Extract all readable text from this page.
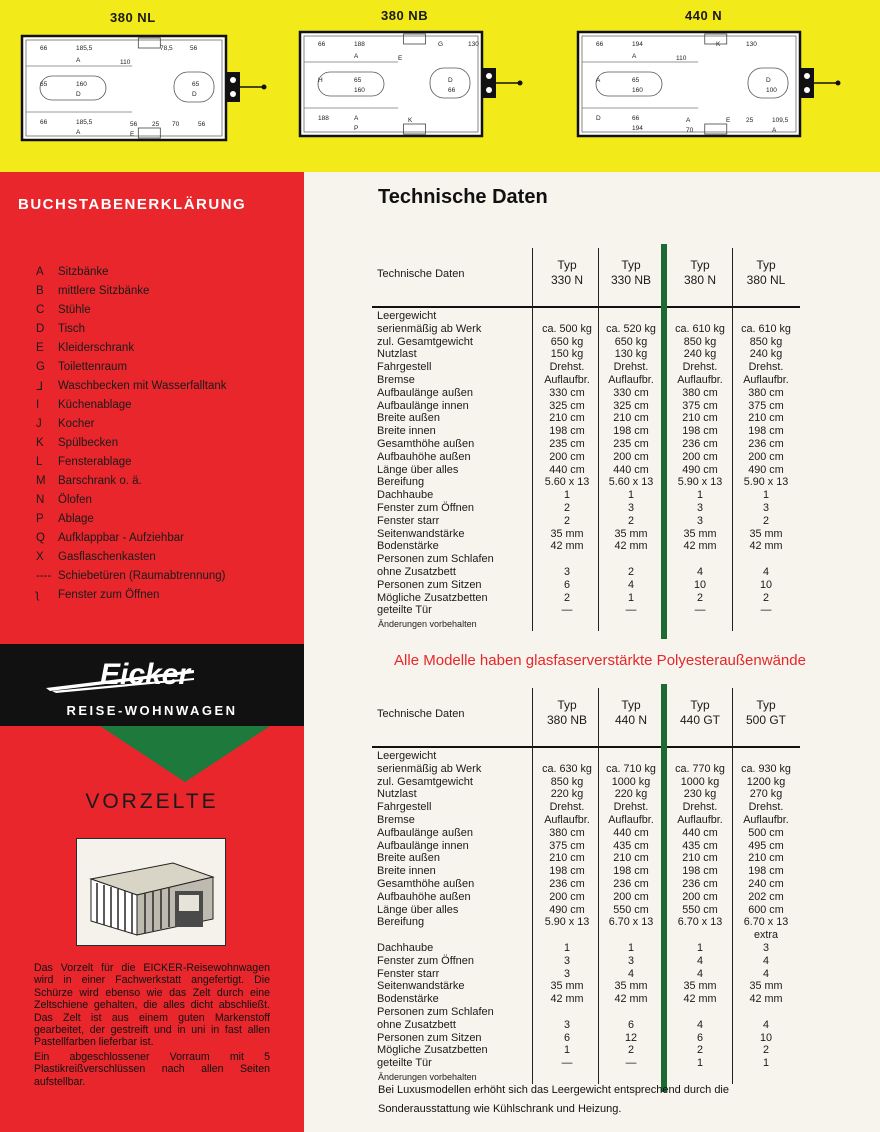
380 NL
66	185,5
A	110
78,5	56
65	160
D
65
D
66	185,5
A
56
E
25 70	56
380 NB
66	188
A	E
G	130
H	65
160
D
66
188	A
P
K
440 N
66	194
A	110
K	130
A	65
160
D
100
D	66
194
A
70
E 25	109,5
A
BUCHSTABENERKLÄRUNG
A	Sitzbänke
B	mittlere Sitzbänke
C	Stühle
D	Tisch
E	Kleiderschrank
G	Toilettenraum
ᒧ	Waschbecken mit Wasserfalltank
I	Küchenablage
J	Kocher
K	Spülbecken
L	Fensterablage
M	Barschrank o. ä.
N	Ölofen
P	Ablage
Q	Aufklappbar - Aufziehbar
X	Gasflaschenkasten
---- Schiebetüren (Raumabtrennung)
ʅ	Fenster zum Öffnen
Eicker
REISE-WOHNWAGEN
VORZELTE

Das Vorzelt für die EICKER-Reisewohnwagen wird in einer Fachwerkstatt angefertigt. Die Schürze wird ebenso wie das Zelt durch eine Zeltschiene gehalten, die alles dicht abschließt. Das Zelt ist aus einem guten Markenstoff gearbeitet, der gestreift und in uni in fast allen Pastellfarben lieferbar ist.

Ein abgeschlossener Vorraum mit 5 Plastikreißverschlüssen nach allen Seiten aufstellbar.

Technische Daten
Technische Daten
Typ
330 N
Typ
330 NB
Typ
380 N
Typ
380 NL
Leergewicht
serienmäßig ab Werk	ca. 500 kg	ca. 520 kg	ca. 610 kg	ca. 610 kg
zul. Gesamtgewicht	650 kg	650 kg	850 kg	850 kg
Nutzlast	150 kg	130 kg	240 kg	240 kg
Fahrgestell	Drehst.	Drehst.	Drehst.	Drehst.
Bremse	Auflaufbr.	Auflaufbr.	Auflaufbr.	Auflaufbr.
Aufbaulänge außen	330 cm	330 cm	380 cm	380 cm
Aufbaulänge innen	325 cm	325 cm	375 cm	375 cm
Breite außen	210 cm	210 cm	210 cm	210 cm
Breite innen	198 cm	198 cm	198 cm	198 cm
Gesamthöhe außen	235 cm	235 cm	236 cm	236 cm
Aufbauhöhe außen	200 cm	200 cm	200 cm	200 cm
Länge über alles	440 cm	440 cm	490 cm	490 cm
Bereifung	5.60 x 13	5.60 x 13	5.90 x 13	5.90 x 13
Dachhaube	1	1	1	1
Fenster zum Öffnen	2	3	3	3
Fenster starr	2	2	3	2
Seitenwandstärke	35 mm	35 mm	35 mm	35 mm
Bodenstärke	42 mm	42 mm	42 mm	42 mm
Personen zum Schlafen
ohne Zusatzbett	3	2	4	4
Personen zum Sitzen	6	4	10	10
Mögliche Zusatzbetten	2	1	2	2
geteilte Tür	—	—	—	—
Änderungen vorbehalten
Technische Daten
Typ
380 NB
Typ
440 N
Typ
440 GT
Typ
500 GT
Leergewicht
serienmäßig ab Werk	ca. 630 kg	ca. 710 kg	ca. 770 kg	ca. 930 kg
zul. Gesamtgewicht	850 kg	1000 kg	1000 kg	1200 kg
Nutzlast	220 kg	220 kg	230 kg	270 kg
Fahrgestell	Drehst.	Drehst.	Drehst.	Drehst.
Bremse	Auflaufbr.	Auflaufbr.	Auflaufbr.	Auflaufbr.
Aufbaulänge außen	380 cm	440 cm	440 cm	500 cm
Aufbaulänge innen	375 cm	435 cm	435 cm	495 cm
Breite außen	210 cm	210 cm	210 cm	210 cm
Breite innen	198 cm	198 cm	198 cm	198 cm
Gesamthöhe außen	236 cm	236 cm	236 cm	240 cm
Aufbauhöhe außen	200 cm	200 cm	200 cm	202 cm
Länge über alles	490 cm	550 cm	550 cm	600 cm
Bereifung	5.90 x 13	6.70 x 13	6.70 x 13	6.70 x 13
extra
Dachhaube	1	1	1	3
Fenster zum Öffnen	3	3	4	4
Fenster starr	3	4	4	4
Seitenwandstärke	35 mm	35 mm	35 mm	35 mm
Bodenstärke	42 mm	42 mm	42 mm	42 mm
Personen zum Schlafen
ohne Zusatzbett	3	6	4	4
Personen zum Sitzen	6	12	6	10
Mögliche Zusatzbetten	1	2	2	2
geteilte Tür	—	—	1	1
Änderungen vorbehalten
Alle Modelle haben glasfaserverstärkte Polyesteraußenwände
Bei Luxusmodellen erhöht sich das Leergewicht entsprechend durch die Sonderausstattung wie Kühlschrank und Heizung.
